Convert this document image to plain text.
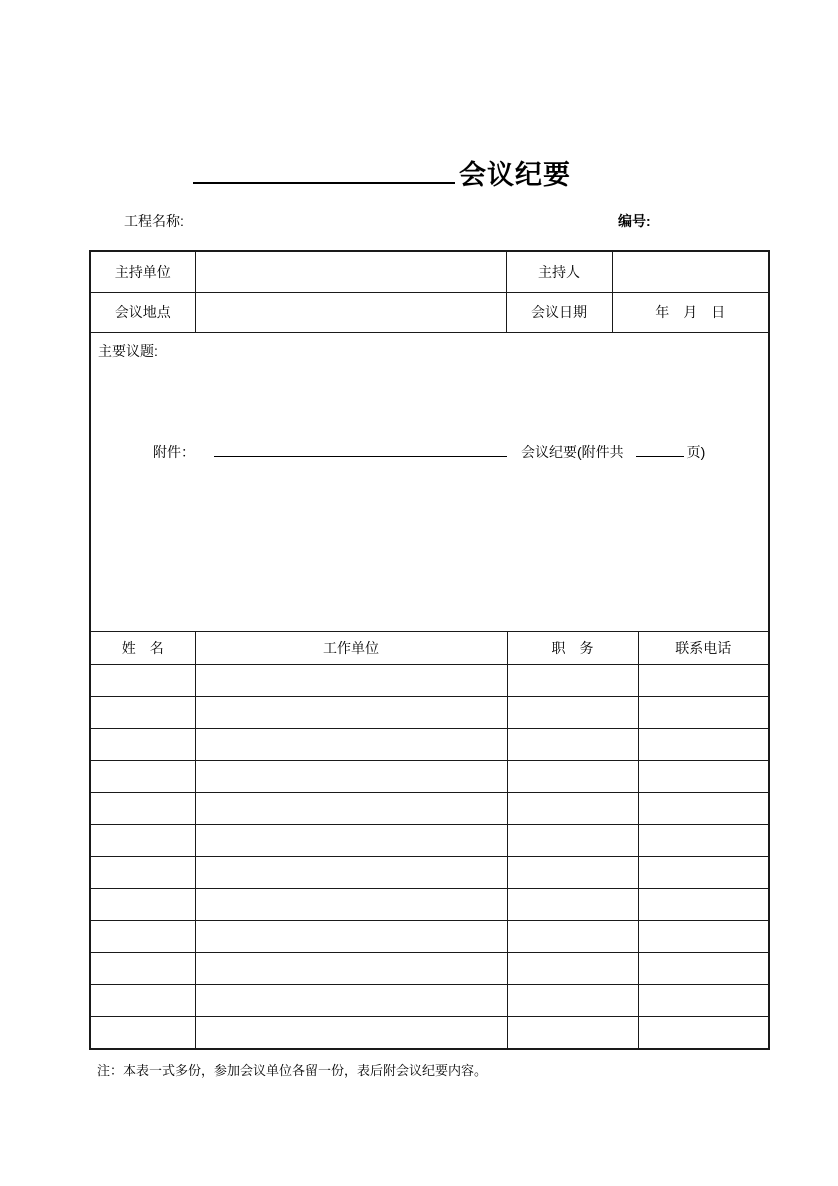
会议纪要
工程名称:	编号:
主持单位		主持人	
会议地点		会议日期	年　月　日
主要议题:
附件：	会议纪要(附件共	页)
姓　名	工作单位	职　务	联系电话

注：本表一式多份，参加会议单位各留一份，表后附会议纪要内容。
